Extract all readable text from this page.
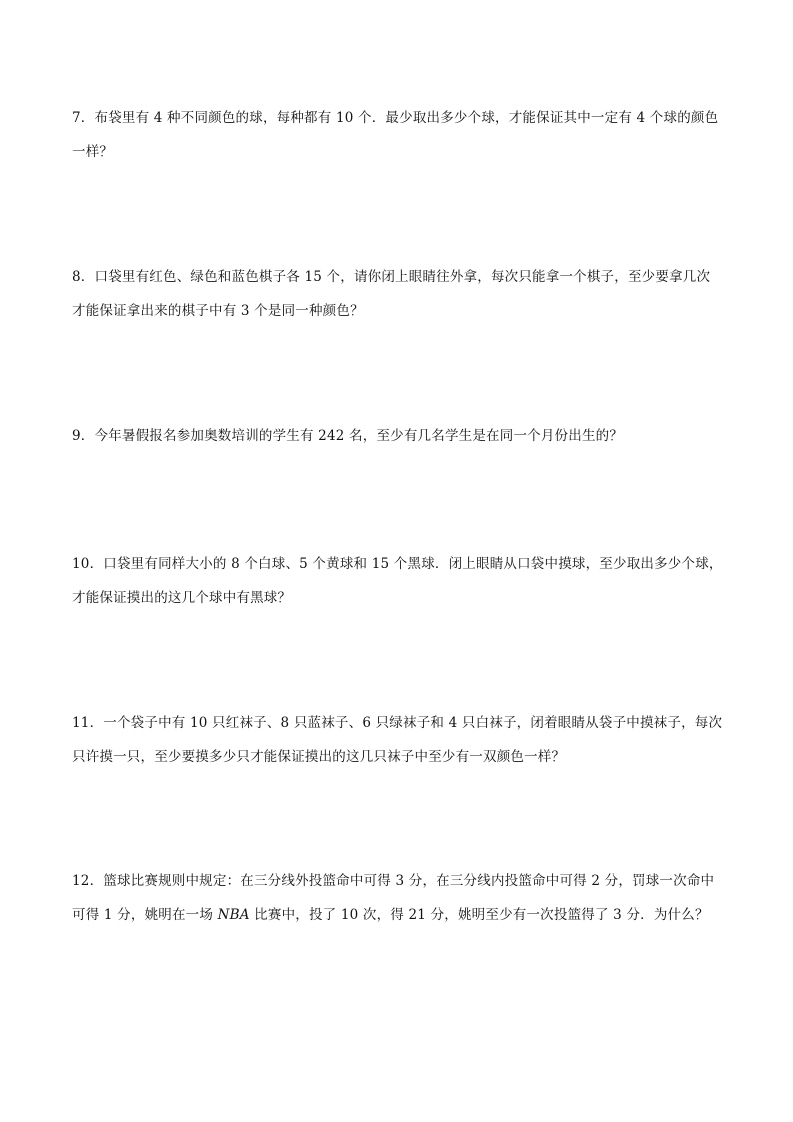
7．布袋里有 4 种不同颜色的球，每种都有 10 个．最少取出多少个球，才能保证其中一定有 4 个球的颜色
一样？
8．口袋里有红色、绿色和蓝色棋子各 15 个，请你闭上眼睛往外拿，每次只能拿一个棋子，至少要拿几次
才能保证拿出来的棋子中有 3 个是同一种颜色？
9．今年暑假报名参加奥数培训的学生有 242 名，至少有几名学生是在同一个月份出生的？
10．口袋里有同样大小的 8 个白球、5 个黄球和 15 个黑球．闭上眼睛从口袋中摸球，至少取出多少个球，
才能保证摸出的这几个球中有黑球？
11．一个袋子中有 10 只红袜子、8 只蓝袜子、6 只绿袜子和 4 只白袜子，闭着眼睛从袋子中摸袜子，每次
只许摸一只，至少要摸多少只才能保证摸出的这几只袜子中至少有一双颜色一样？
12．篮球比赛规则中规定：在三分线外投篮命中可得 3 分，在三分线内投篮命中可得 2 分，罚球一次命中
可得 1 分，姚明在一场 NBA 比赛中，投了 10 次，得 21 分，姚明至少有一次投篮得了 3 分．为什么？
